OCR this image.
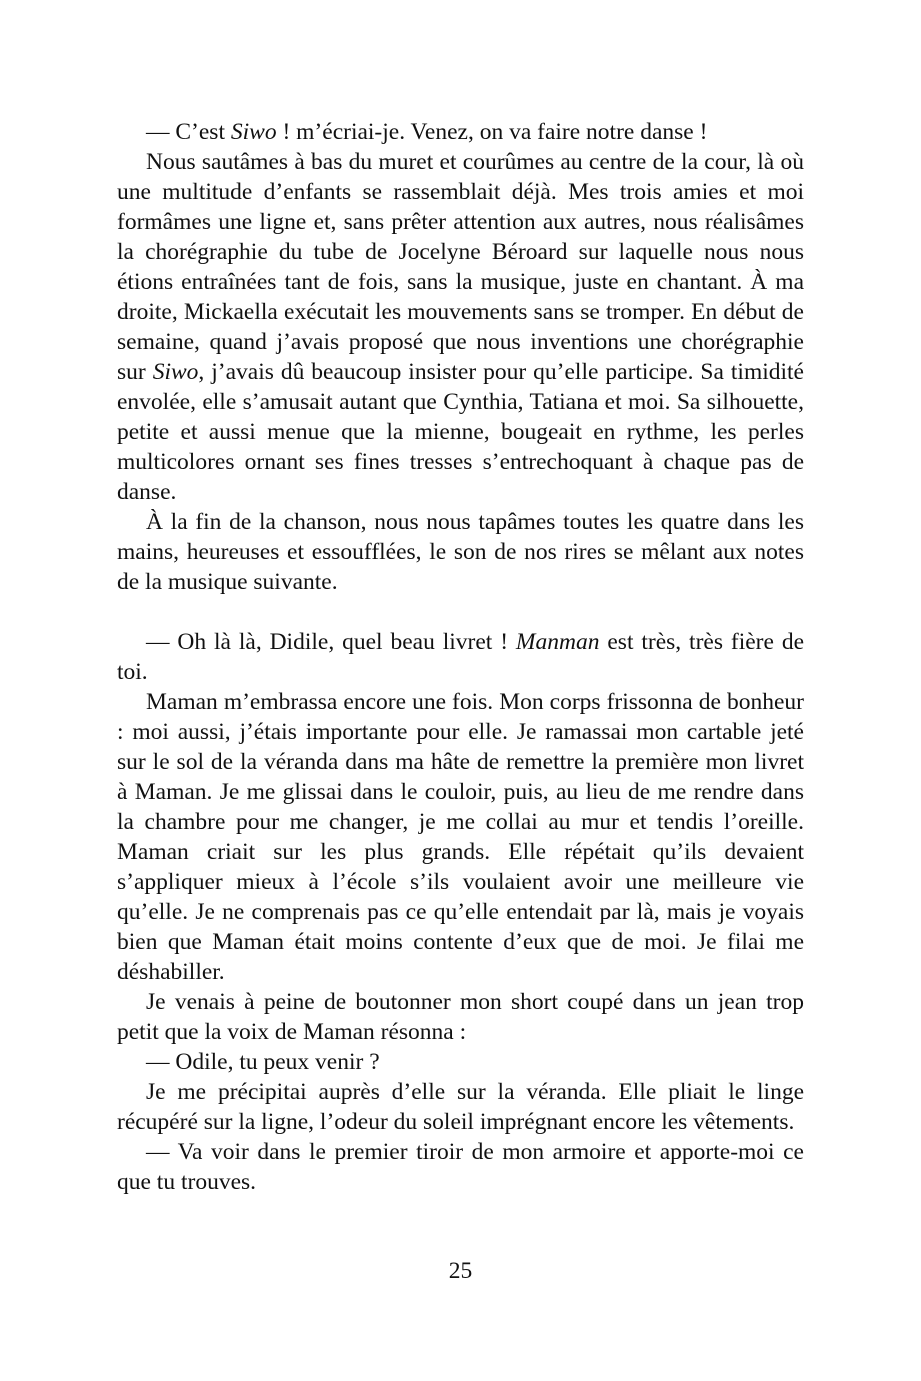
— C’est Siwo ! m’écriai-je. Venez, on va faire notre danse !

Nous sautâmes à bas du muret et courûmes au centre de la cour, là où une multitude d’enfants se rassemblait déjà. Mes trois amies et moi formâmes une ligne et, sans prêter attention aux autres, nous réalisâmes la chorégraphie du tube de Jocelyne Béroard sur laquelle nous nous étions entraînées tant de fois, sans la musique, juste en chantant. À ma droite, Mickaella exécutait les mouvements sans se tromper. En début de semaine, quand j’avais proposé que nous inventions une chorégraphie sur Siwo, j’avais dû beaucoup insister pour qu’elle participe. Sa timidité envolée, elle s’amusait autant que Cynthia, Tatiana et moi. Sa silhouette, petite et aussi menue que la mienne, bougeait en rythme, les perles multicolores ornant ses fines tresses s’entrechoquant à chaque pas de danse.

À la fin de la chanson, nous nous tapâmes toutes les quatre dans les mains, heureuses et essoufflées, le son de nos rires se mêlant aux notes de la musique suivante.

— Oh là là, Didile, quel beau livret ! Manman est très, très fière de toi.

Maman m’embrassa encore une fois. Mon corps frissonna de bonheur : moi aussi, j’étais importante pour elle. Je ramassai mon cartable jeté sur le sol de la véranda dans ma hâte de remettre la première mon livret à Maman. Je me glissai dans le couloir, puis, au lieu de me rendre dans la chambre pour me changer, je me collai au mur et tendis l’oreille. Maman criait sur les plus grands. Elle répétait qu’ils devaient s’appliquer mieux à l’école s’ils voulaient avoir une meilleure vie qu’elle. Je ne comprenais pas ce qu’elle entendait par là, mais je voyais bien que Maman était moins contente d’eux que de moi. Je filai me déshabiller.

Je venais à peine de boutonner mon short coupé dans un jean trop petit que la voix de Maman résonna :

— Odile, tu peux venir ?

Je me précipitai auprès d’elle sur la véranda. Elle pliait le linge récupéré sur la ligne, l’odeur du soleil imprégnant encore les vêtements.

— Va voir dans le premier tiroir de mon armoire et apporte-moi ce que tu trouves.

25
